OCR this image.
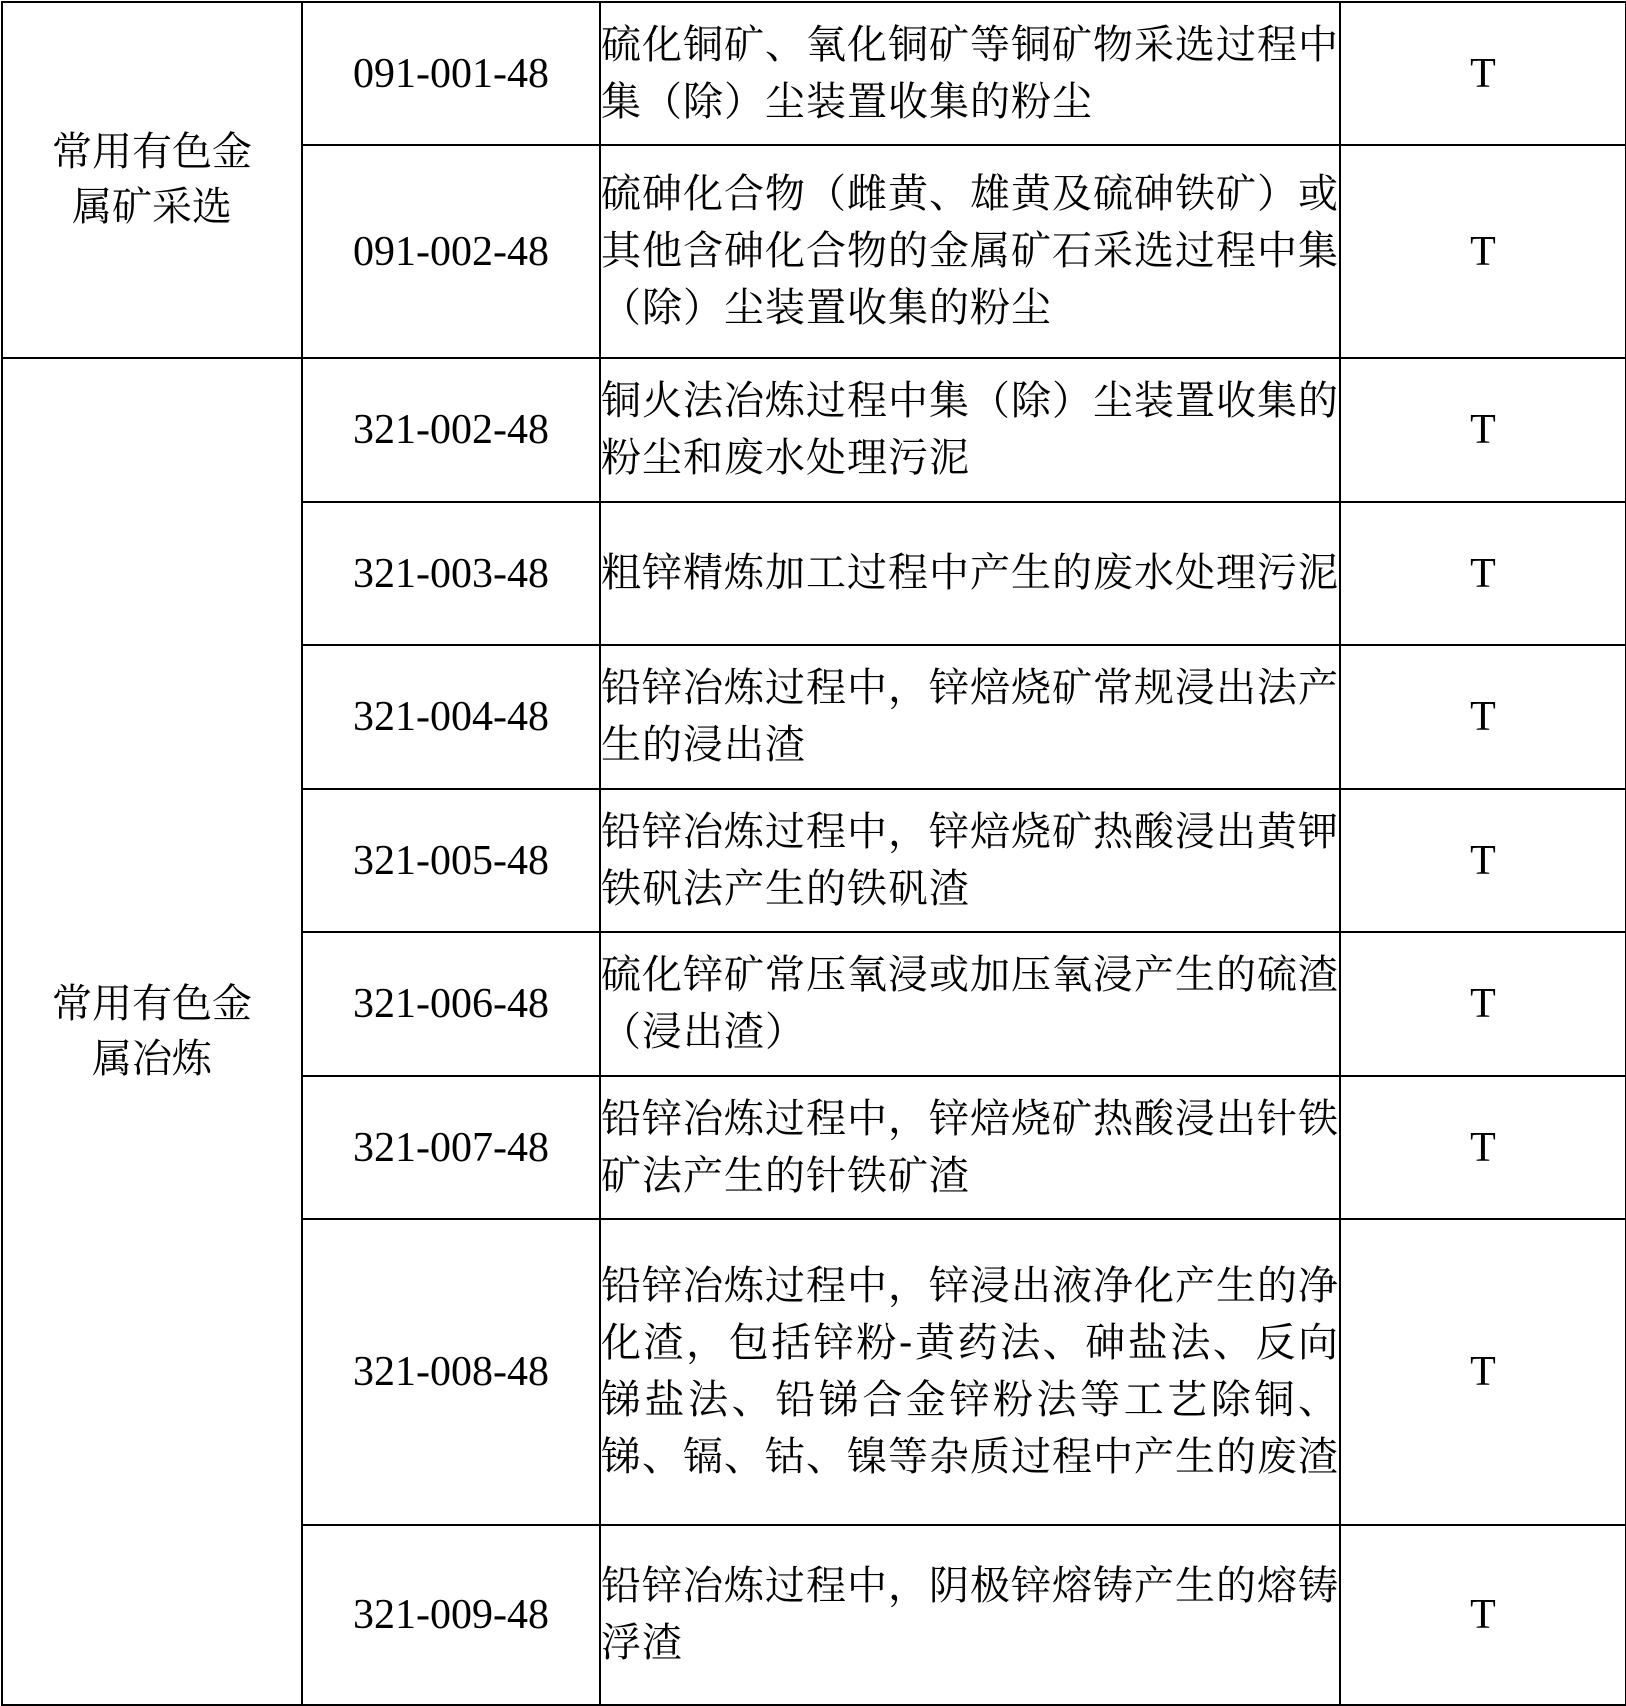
常用有色金属矿采选	091-001-48	硫化铜矿、氧化铜矿等铜矿物采选过程中集（除）尘装置收集的粉尘	T
	091-002-48	硫砷化合物（雌黄、雄黄及硫砷铁矿）或其他含砷化合物的金属矿石采选过程中集（除）尘装置收集的粉尘	T
常用有色金属冶炼	321-002-48	铜火法冶炼过程中集（除）尘装置收集的粉尘和废水处理污泥	T
	321-003-48	粗锌精炼加工过程中产生的废水处理污泥	T
	321-004-48	铅锌冶炼过程中，锌焙烧矿常规浸出法产生的浸出渣	T
	321-005-48	铅锌冶炼过程中，锌焙烧矿热酸浸出黄钾铁矾法产生的铁矾渣	T
	321-006-48	硫化锌矿常压氧浸或加压氧浸产生的硫渣（浸出渣）	T
	321-007-48	铅锌冶炼过程中，锌焙烧矿热酸浸出针铁矿法产生的针铁矿渣	T
	321-008-48	铅锌冶炼过程中，锌浸出液净化产生的净化渣，包括锌粉-黄药法、砷盐法、反向锑盐法、铅锑合金锌粉法等工艺除铜、锑、镉、钴、镍等杂质过程中产生的废渣	T
	321-009-48	铅锌冶炼过程中，阴极锌熔铸产生的熔铸浮渣	T
